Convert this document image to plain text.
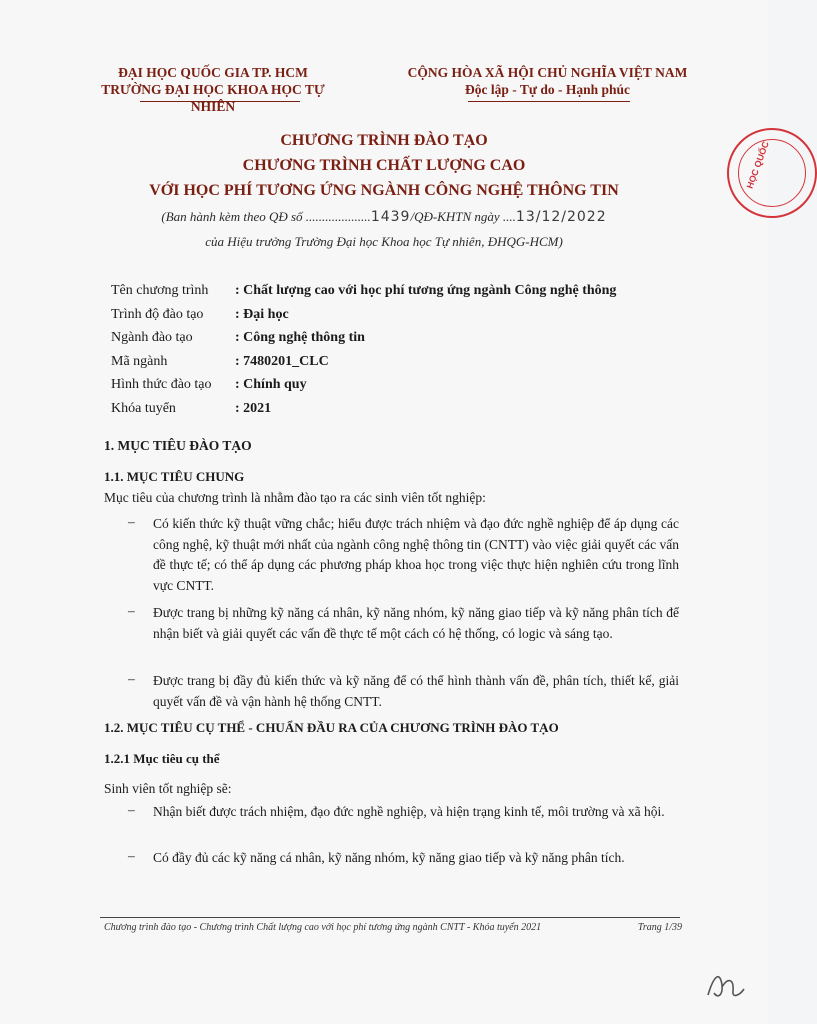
ĐẠI HỌC QUỐC GIA TP. HCM
TRƯỜNG ĐẠI HỌC KHOA HỌC TỰ NHIÊN
CỘNG HÒA XÃ HỘI CHỦ NGHĨA VIỆT NAM
Độc lập - Tự do - Hạnh phúc
HỌC QUỐC
CHƯƠNG TRÌNH ĐÀO TẠO
CHƯƠNG TRÌNH CHẤT LƯỢNG CAO
VỚI HỌC PHÍ TƯƠNG ỨNG NGÀNH CÔNG NGHỆ THÔNG TIN
(Ban hành kèm theo QĐ số ....................1439/QĐ-KHTN ngày ....13/12/2022
của Hiệu trưởng Trường Đại học Khoa học Tự nhiên, ĐHQG-HCM)
Tên chương trình	: Chất lượng cao với học phí tương ứng ngành Công nghệ thông
Trình độ đào tạo	: Đại học
Ngành đào tạo	: Công nghệ thông tin
Mã ngành	: 7480201_CLC
Hình thức đào tạo	: Chính quy
Khóa tuyển	: 2021
1. MỤC TIÊU ĐÀO TẠO
1.1. MỤC TIÊU CHUNG
Mục tiêu của chương trình là nhằm đào tạo ra các sinh viên tốt nghiệp:
– Có kiến thức kỹ thuật vững chắc; hiểu được trách nhiệm và đạo đức nghề nghiệp để áp dụng các công nghệ, kỹ thuật mới nhất của ngành công nghệ thông tin (CNTT) vào việc giải quyết các vấn đề thực tế; có thể áp dụng các phương pháp khoa học trong việc thực hiện nghiên cứu trong lĩnh vực CNTT.
– Được trang bị những kỹ năng cá nhân, kỹ năng nhóm, kỹ năng giao tiếp và kỹ năng phân tích để nhận biết và giải quyết các vấn đề thực tế một cách có hệ thống, có logic và sáng tạo.
– Được trang bị đầy đủ kiến thức và kỹ năng để có thể hình thành vấn đề, phân tích, thiết kế, giải quyết vấn đề và vận hành hệ thống CNTT.
1.2. MỤC TIÊU CỤ THỂ - CHUẨN ĐẦU RA CỦA CHƯƠNG TRÌNH ĐÀO TẠO
1.2.1 Mục tiêu cụ thể
Sinh viên tốt nghiệp sẽ:
– Nhận biết được trách nhiệm, đạo đức nghề nghiệp, và hiện trạng kinh tế, môi trường và xã hội.
– Có đầy đủ các kỹ năng cá nhân, kỹ năng nhóm, kỹ năng giao tiếp và kỹ năng phân tích.
Chương trình đào tạo - Chương trình Chất lượng cao với học phí tương ứng ngành CNTT - Khóa tuyển 2021	Trang 1/39
